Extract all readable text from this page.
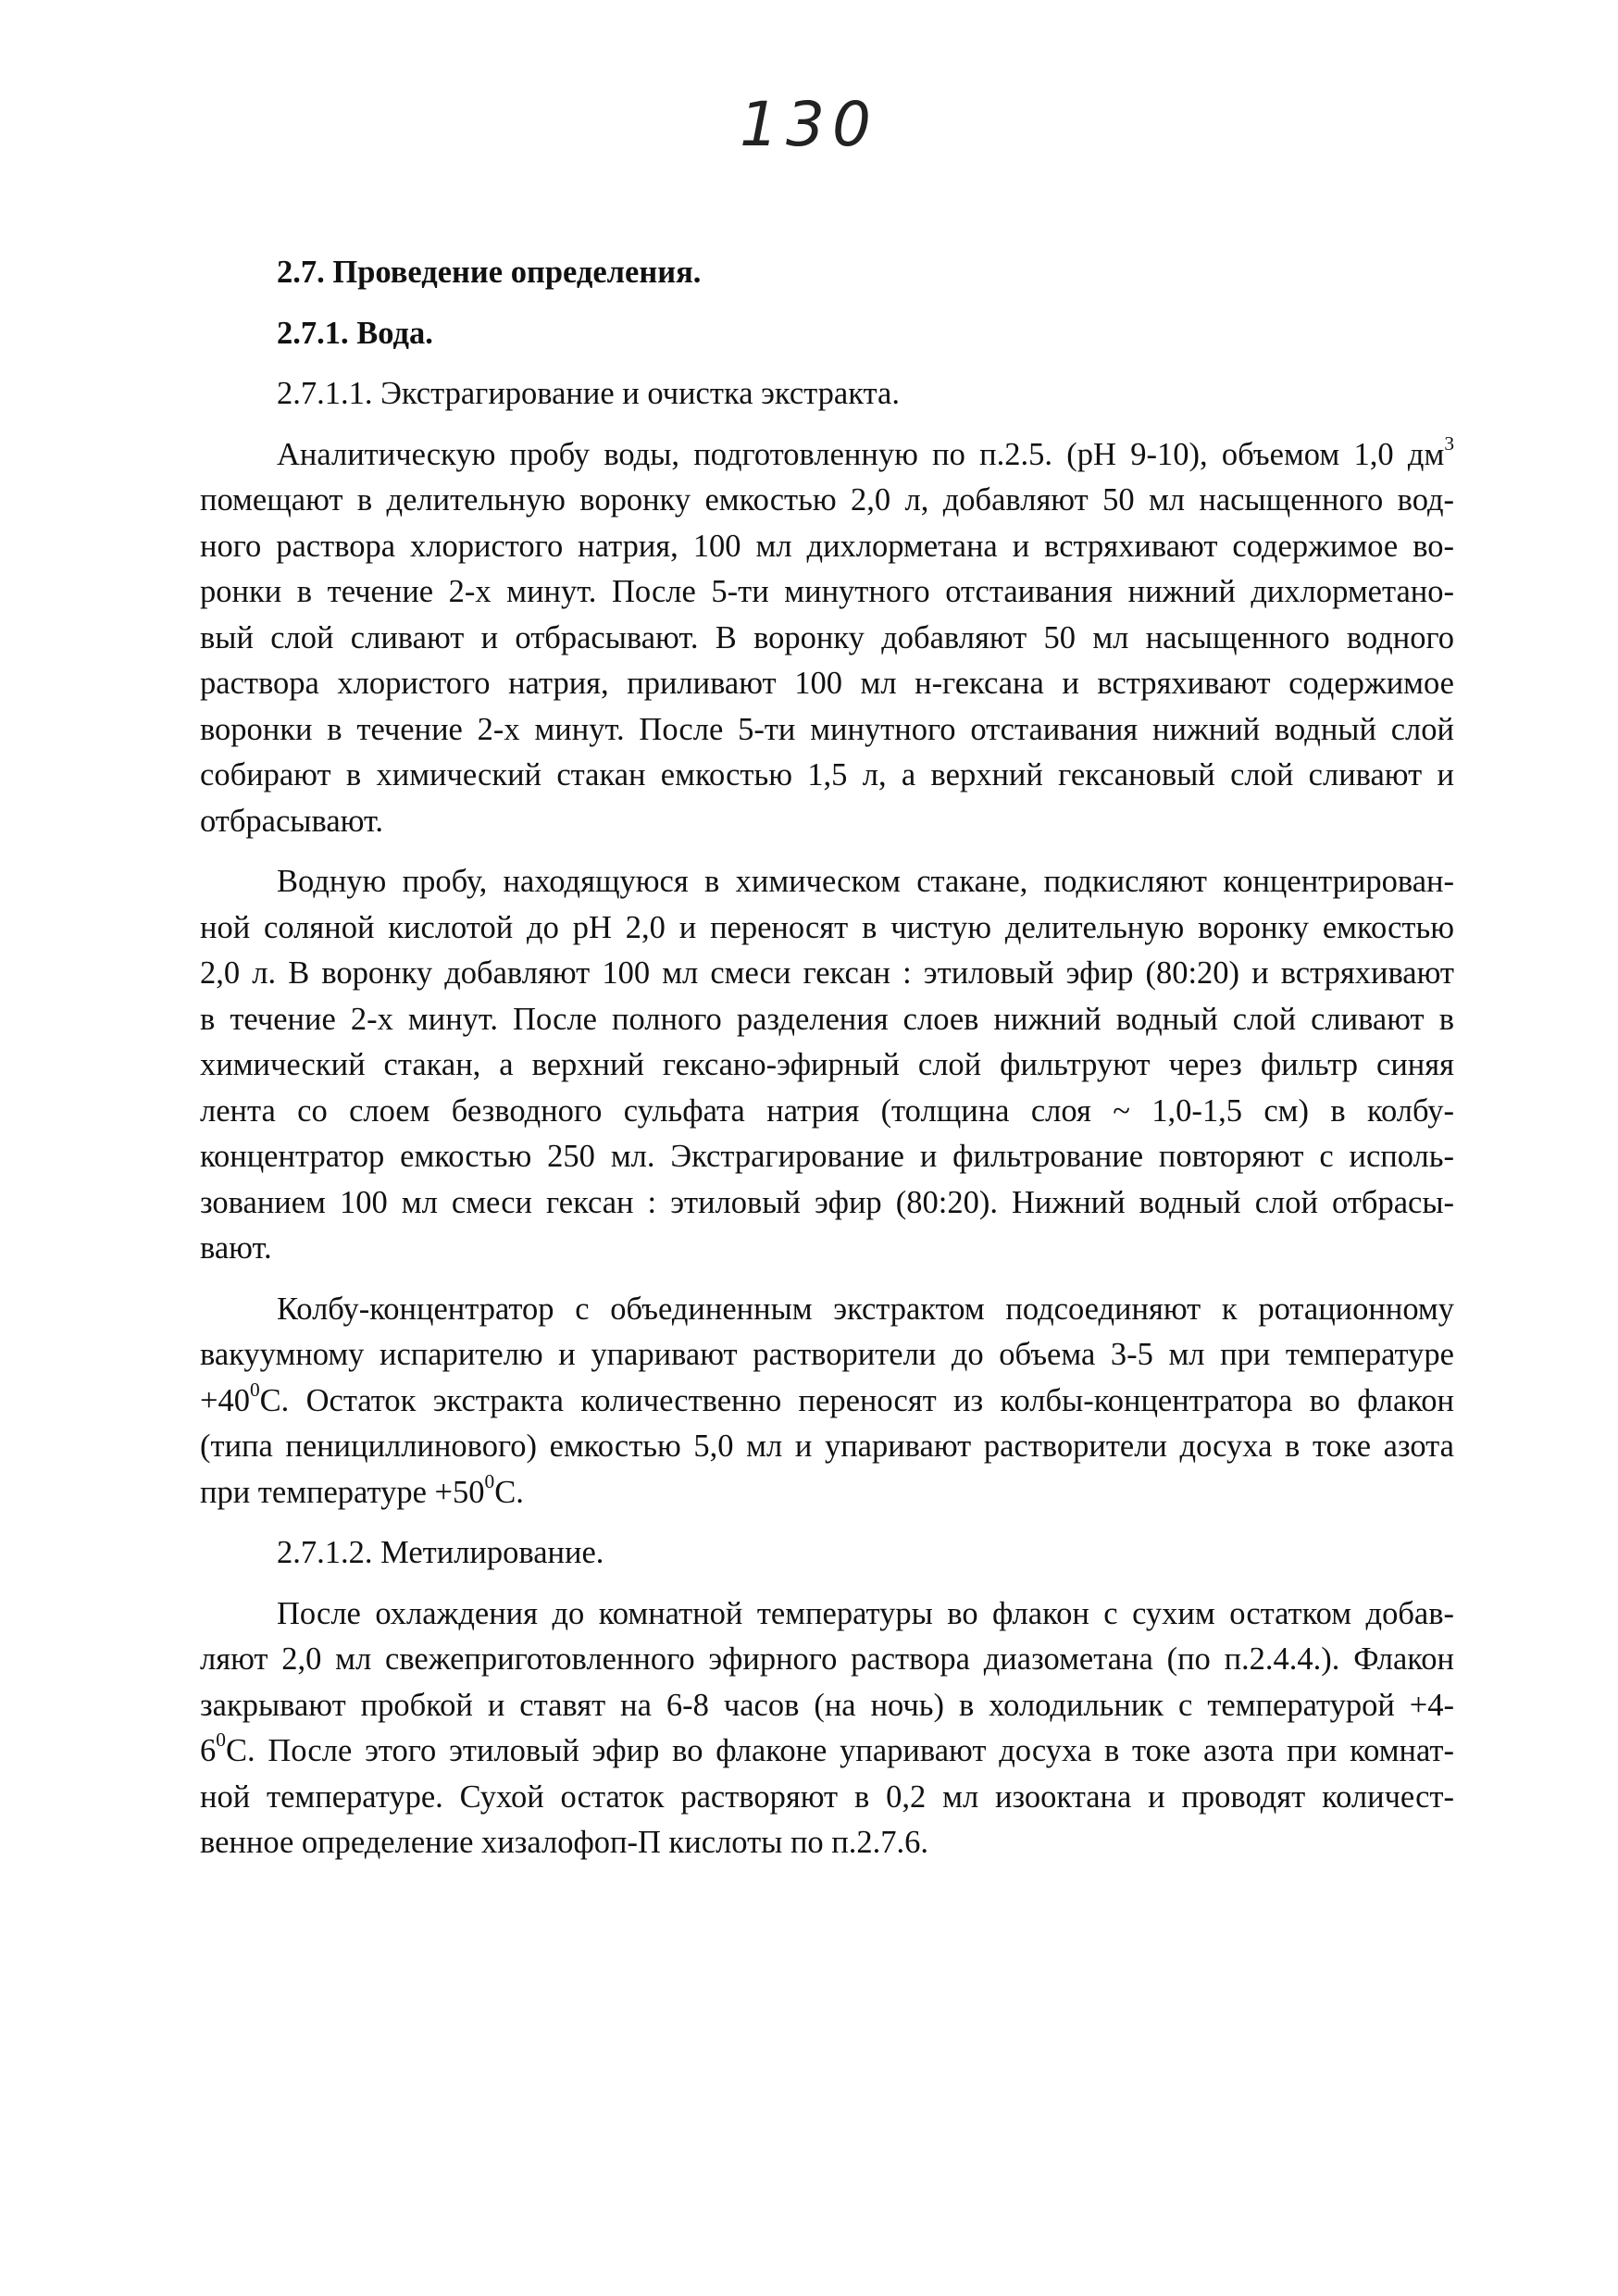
130
2.7. Проведение определения.
2.7.1. Вода.
2.7.1.1. Экстрагирование и очистка экстракта.
Аналитическую пробу воды, подготовленную по п.2.5. (pH 9-10), объемом 1,0 $дм^3$
помещают в делительную воронку емкостью 2,0 л, добавляют 50 мл насыщенного вод-
ного раствора хлористого натрия, 100 мл дихлорметана и встряхивают содержимое во-
ронки в течение 2-х минут. После 5-ти минутного отстаивания нижний дихлорметано-
вый слой сливают и отбрасывают. В воронку добавляют 50 мл насыщенного водного
раствора хлористого натрия, приливают 100 мл н-гексана и встряхивают содержимое
воронки в течение 2-х минут. После 5-ти минутного отстаивания нижний водный слой
собирают в химический стакан емкостью 1,5 л, а верхний гексановый слой сливают и
отбрасывают.
Водную пробу, находящуюся в химическом стакане, подкисляют концентрирован-
ной соляной кислотой до pH 2,0 и переносят в чистую делительную воронку емкостью
2,0 л. В воронку добавляют 100 мл смеси гексан : этиловый эфир (80:20) и встряхивают
в течение 2-х минут. После полного разделения слоев нижний водный слой сливают в
химический стакан, а верхний гексано-эфирный слой фильтруют через фильтр синяя
лента со слоем безводного сульфата натрия (толщина слоя ~ 1,0-1,5 см) в колбу-
концентратор емкостью 250 мл. Экстрагирование и фильтрование повторяют с исполь-
зованием 100 мл смеси гексан : этиловый эфир (80:20). Нижний водный слой отбрасы-
вают.
Колбу-концентратор с объединенным экстрактом подсоединяют к ротационному
вакуумному испарителю и упаривают растворители до объема 3-5 мл при температуре
$+40^0С$. Остаток экстракта количественно переносят из колбы-концентратора во флакон
(типа пенициллинового) емкостью 5,0 мл и упаривают растворители досуха в токе азота
при температуре $+50^0С$.
2.7.1.2. Метилирование.
После охлаждения до комнатной температуры во флакон с сухим остатком добав-
ляют 2,0 мл свежеприготовленного эфирного раствора диазометана (по п.2.4.4.). Флакон
закрывают пробкой и ставят на 6-8 часов (на ночь) в холодильник с температурой +4-
$6^0С$. После этого этиловый эфир во флаконе упаривают досуха в токе азота при комнат-
ной температуре. Сухой остаток растворяют в 0,2 мл изооктана и проводят количест-
венное определение хизалофоп-П кислоты по п.2.7.6.
